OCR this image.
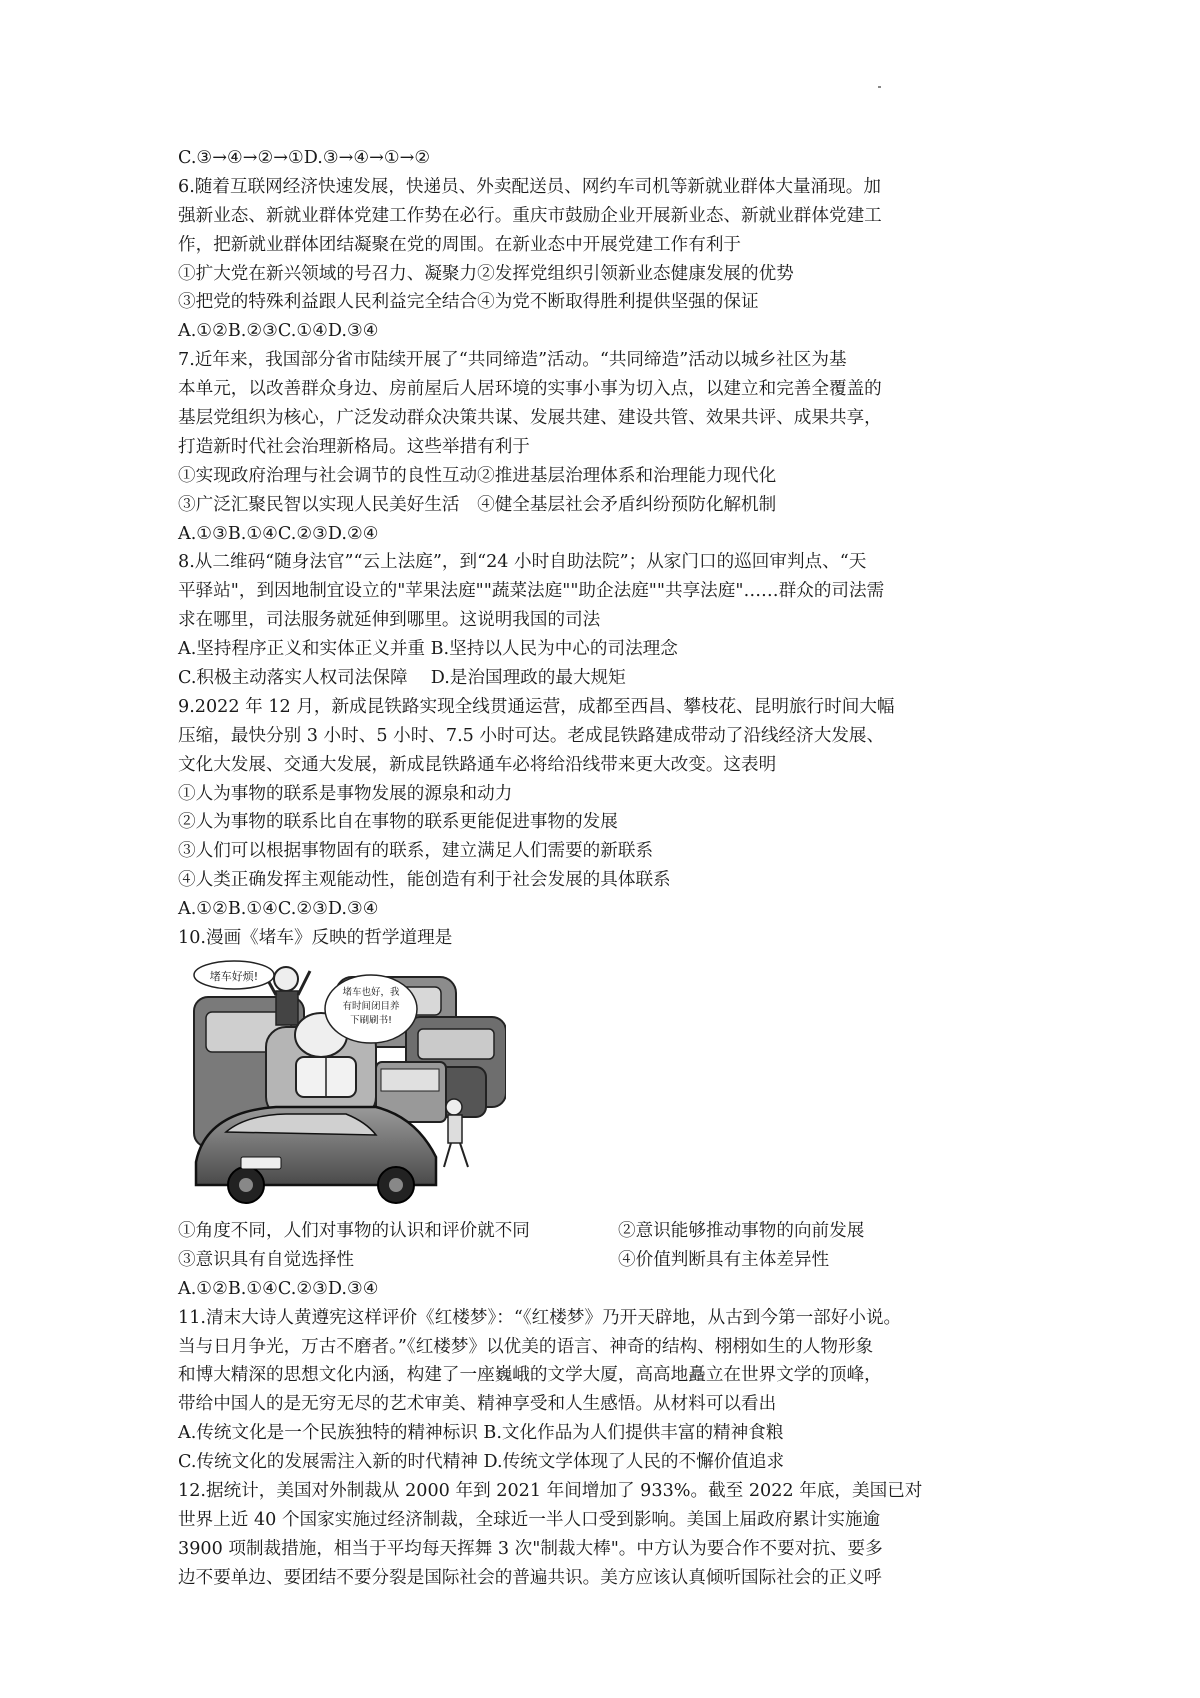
C.③→④→②→①D.③→④→①→②
6.随着互联网经济快速发展，快递员、外卖配送员、网约车司机等新就业群体大量涌现。加
强新业态、新就业群体党建工作势在必行。重庆市鼓励企业开展新业态、新就业群体党建工
作，把新就业群体团结凝聚在党的周围。在新业态中开展党建工作有利于
①扩大党在新兴领域的号召力、凝聚力②发挥党组织引领新业态健康发展的优势
③把党的特殊利益跟人民利益完全结合④为党不断取得胜利提供坚强的保证
A.①②B.②③C.①④D.③④
7.近年来，我国部分省市陆续开展了“共同缔造”活动。“共同缔造”活动以城乡社区为基
本单元，以改善群众身边、房前屋后人居环境的实事小事为切入点，以建立和完善全覆盖的
基层党组织为核心，广泛发动群众决策共谋、发展共建、建设共管、效果共评、成果共享，
打造新时代社会治理新格局。这些举措有利于
①实现政府治理与社会调节的良性互动②推进基层治理体系和治理能力现代化
③广泛汇聚民智以实现人民美好生活　④健全基层社会矛盾纠纷预防化解机制
A.①③B.①④C.②③D.②④
8.从二维码“随身法官”“云上法庭”，到“24 小时自助法院”；从家门口的巡回审判点、“天
平驿站"，到因地制宜设立的"苹果法庭""蔬菜法庭""助企法庭""共享法庭"……群众的司法需
求在哪里，司法服务就延伸到哪里。这说明我国的司法
A.坚持程序正义和实体正义并重 B.坚持以人民为中心的司法理念
C.积极主动落实人权司法保障　 D.是治国理政的最大规矩
9.2022 年 12 月，新成昆铁路实现全线贯通运营，成都至西昌、攀枝花、昆明旅行时间大幅
压缩，最快分别 3 小时、5 小时、7.5 小时可达。老成昆铁路建成带动了沿线经济大发展、
文化大发展、交通大发展，新成昆铁路通车必将给沿线带来更大改变。这表明
①人为事物的联系是事物发展的源泉和动力
②人为事物的联系比自在事物的联系更能促进事物的发展
③人们可以根据事物固有的联系，建立满足人们需要的新联系
④人类正确发挥主观能动性，能创造有利于社会发展的具体联系
A.①②B.①④C.②③D.③④
10.漫画《堵车》反映的哲学道理是
堵车好烦!
堵车也好，我
有时间闭目养
下刷刷书!
①角度不同，人们对事物的认识和评价就不同	②意识能够推动事物的向前发展
③意识具有自觉选择性	④价值判断具有主体差异性
A.①②B.①④C.②③D.③④
11.清末大诗人黄遵宪这样评价《红楼梦》：“《红楼梦》乃开天辟地，从古到今第一部好小说。
当与日月争光，万古不磨者。”《红楼梦》以优美的语言、神奇的结构、栩栩如生的人物形象
和博大精深的思想文化内涵，构建了一座巍峨的文学大厦，高高地矗立在世界文学的顶峰，
带给中国人的是无穷无尽的艺术审美、精神享受和人生感悟。从材料可以看出
A.传统文化是一个民族独特的精神标识 B.文化作品为人们提供丰富的精神食粮
C.传统文化的发展需注入新的时代精神 D.传统文学体现了人民的不懈价值追求
12.据统计，美国对外制裁从 2000 年到 2021 年间增加了 933%。截至 2022 年底，美国已对
世界上近 40 个国家实施过经济制裁，全球近一半人口受到影响。美国上届政府累计实施逾
3900 项制裁措施，相当于平均每天挥舞 3 次"制裁大棒"。中方认为要合作不要对抗、要多
边不要单边、要团结不要分裂是国际社会的普遍共识。美方应该认真倾听国际社会的正义呼
